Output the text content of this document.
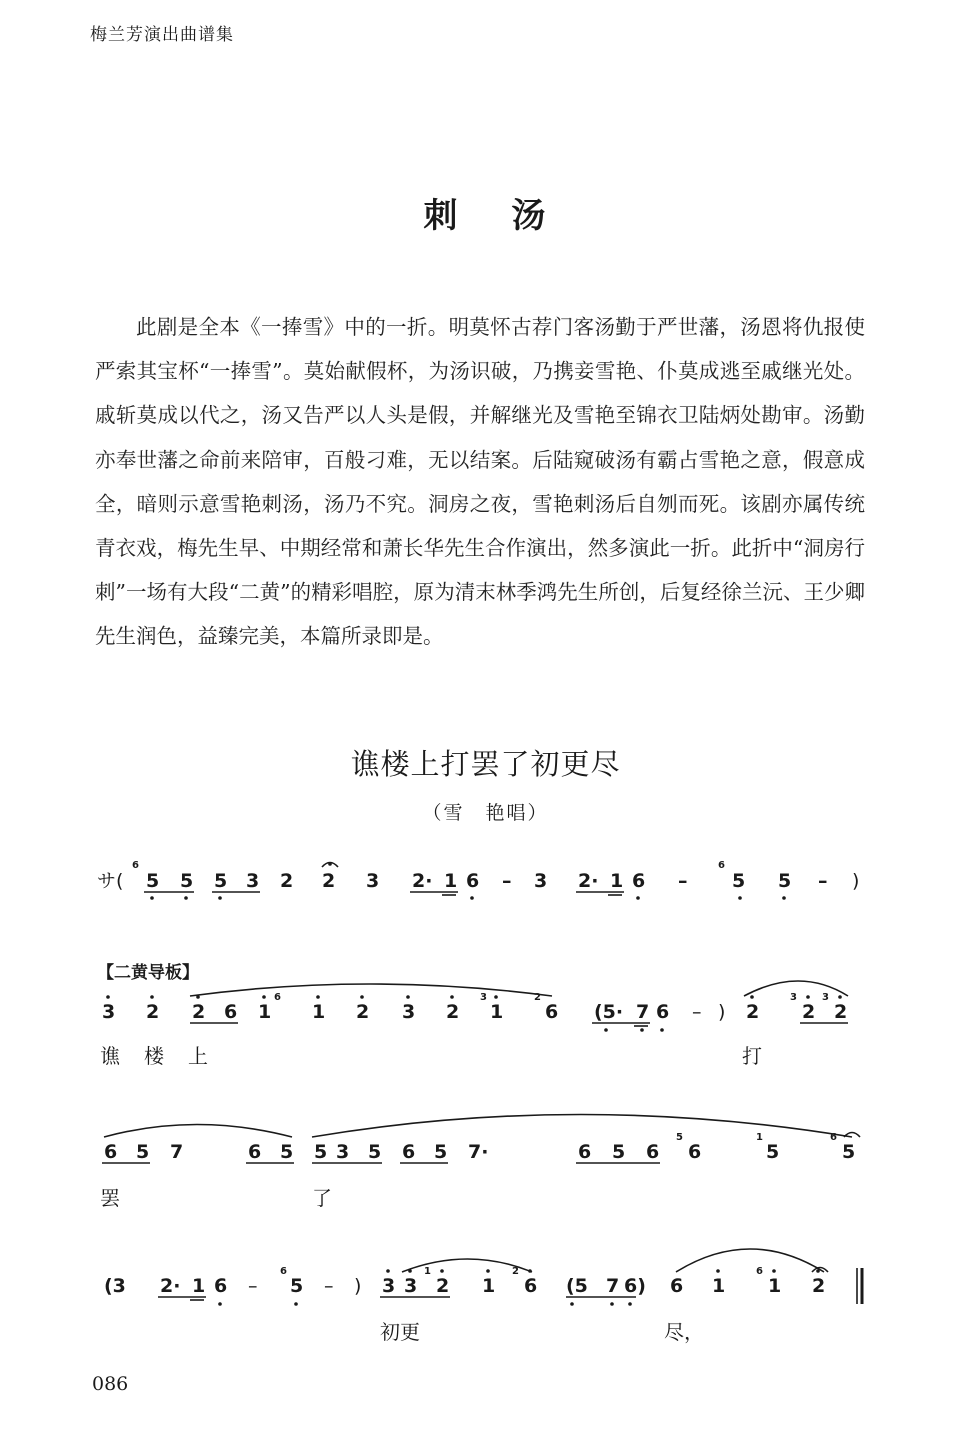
梅兰芳演出曲谱集
刺 汤

此剧是全本《一捧雪》中的一折。明莫怀古荐门客汤勤于严世藩，汤恩将仇报使严索其宝杯“一捧雪”。莫始献假杯，为汤识破，乃携妾雪艳、仆莫成逃至戚继光处。戚斩莫成以代之，汤又告严以人头是假，并解继光及雪艳至锦衣卫陆炳处勘审。汤勤亦奉世藩之命前来陪审，百般刁难，无以结案。后陆窥破汤有霸占雪艳之意，假意成全，暗则示意雪艳刺汤，汤乃不究。洞房之夜，雪艳刺汤后自刎而死。该剧亦属传统青衣戏，梅先生早、中期经常和萧长华先生合作演出，然多演此一折。此折中“洞房行刺”一场有大段“二黄”的精彩唱腔，原为清末林季鸿先生所创，后复经徐兰沅、王少卿先生润色，益臻完美，本篇所录即是。

谯楼上打罢了初更尽
（雪　艳唱）
サ( 5 5 5 3 2 2 3 2· 1 6 – 3 2· 1 6 – 5 5 – )
【二黄导板】
3 2 2 6 1 1 2 3 2 1 6 (5· 7 6 – ) 2 2 2
谯 楼 上	打
6 5 7	6 5 5 3 5 6 5 7·	6 5 6 6	5	5
罢	了
(3 2· 1 6 – 5 – ) 3 3 2 1 6 (5 7 6) 6 1 1 2
初更	尽，
6	6
6	3	2	3	3
5	1	6
6	1	2	6
086
